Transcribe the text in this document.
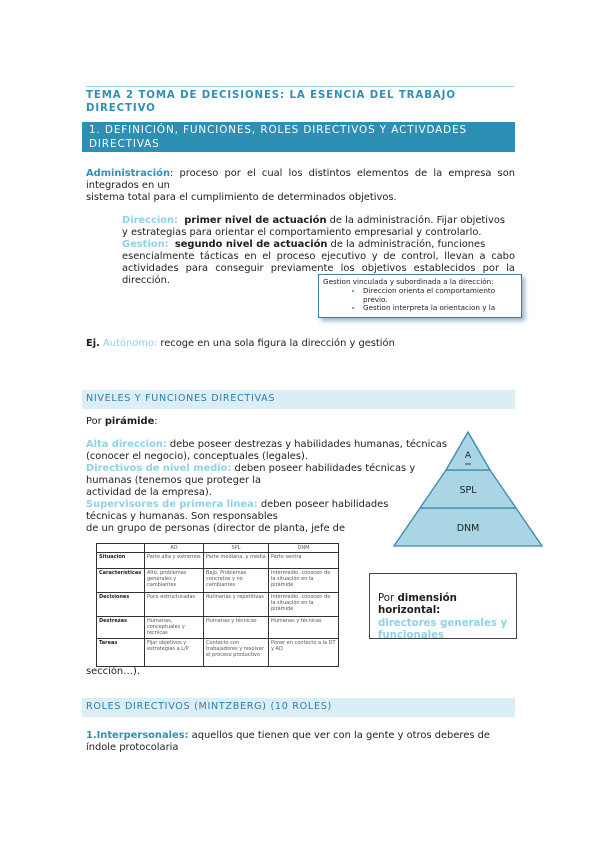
TEMA 2 TOMA DE DECISIONES: LA ESENCIA DEL TRABAJO DIRECTIVO
1. DEFINICIÓN, FUNCIONES, ROLES DIRECTIVOS Y ACTIVDADES DIRECTIVAS
Administración: proceso por el cual los distintos elementos de la empresa son integrados en un
sistema total para el cumplimiento de determinados objetivos.
Direccion: primer nivel de actuación de la administración. Fijar objetivos
y estrategias para orientar el comportamiento empresarial y controlarlo.
Gestion: segundo nivel de actuación de la administración, funciones
esencialmente tácticas en el proceso ejecutivo y de control, llevan a cabo
actividades para conseguir previamente los objetivos establecidos por la
dirección.	Gestion vinculada y subordinada a la dirección:
• Direccion orienta el comportamiento
previo.
• Gestion interpreta la orientacion y la
Ej. Autónomo: recoge en una sola figura la dirección y gestión
NIVELES Y FUNCIONES DIRECTIVAS
Por pirámide:
Alta direccion: debe poseer destrezas y habilidades humanas, técnicas
(conocer el negocio), conceptuales (legales).
Directivos de nivel medio: deben poseer habilidades técnicas y
humanas (tenemos que proteger la
actividad de la empresa).
Supervisores de primera linea: deben poseer habilidades
técnicas y humanas. Son responsables
de un grupo de personas (director de planta, jefe de
A
SPL
DNM
	AD	SPL	DNM
Situación	Parte alta y extremos	Parte mediana, y media	Parte sentra
Características	Alto, problemas generales y cambiantes	Bajo, Problemas concretos y no cambiantes	Intermedio, conocen de la situación en la pirámide
Decisiones	Poco estructuradas	Rutinarias y repetitivas	Intermedio, conocen de la situación en la pirámide
Destrezas	Humanas, conceptuales y técnicas	Humanas y técnicas	Humanas y técnicas
Tareas	Fijar objetivos y estrategias a L/P	Contacto con trabajadores y resolver el proceso productivo	Poner en contacto a la DT y AD
Por dimensión horizontal:
directores generales y funcionales
sección…).
ROLES DIRECTIVOS (MINTZBERG) (10 ROLES)
1.Interpersonales: aquellos que tienen que ver con la gente y otros deberes de
índole protocolaria
